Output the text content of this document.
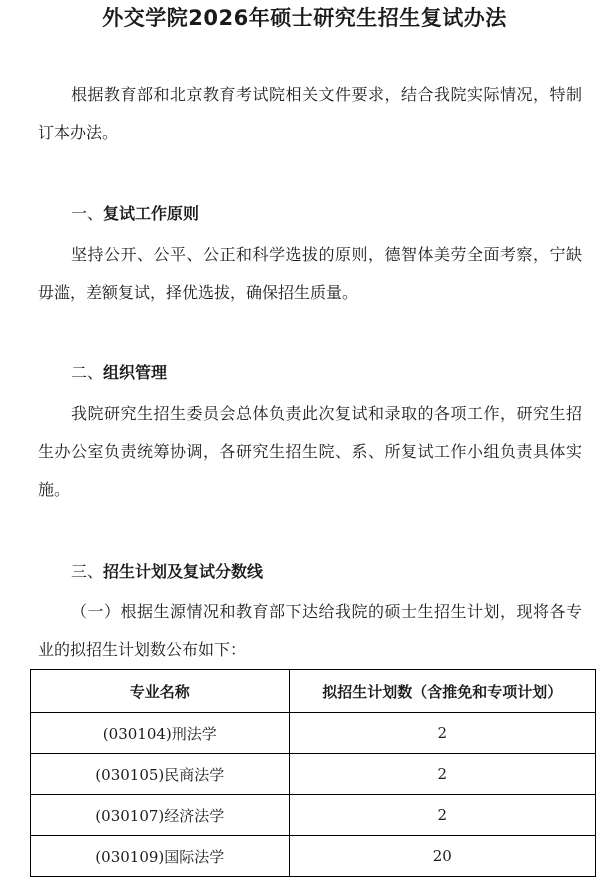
外交学院2026年硕士研究生招生复试办法

根据教育部和北京教育考试院相关文件要求，结合我院实际情况，特制订本办法。

一、复试工作原则

坚持公开、公平、公正和科学选拔的原则，德智体美劳全面考察，宁缺毋滥，差额复试，择优选拔，确保招生质量。

二、组织管理

我院研究生招生委员会总体负责此次复试和录取的各项工作，研究生招生办公室负责统筹协调，各研究生招生院、系、所复试工作小组负责具体实施。

三、招生计划及复试分数线

（一）根据生源情况和教育部下达给我院的硕士生招生计划，现将各专业的拟招生计划数公布如下：

专业名称	拟招生计划数（含推免和专项计划）
(030104)刑法学	2
(030105)民商法学	2
(030107)经济法学	2
(030109)国际法学	20
